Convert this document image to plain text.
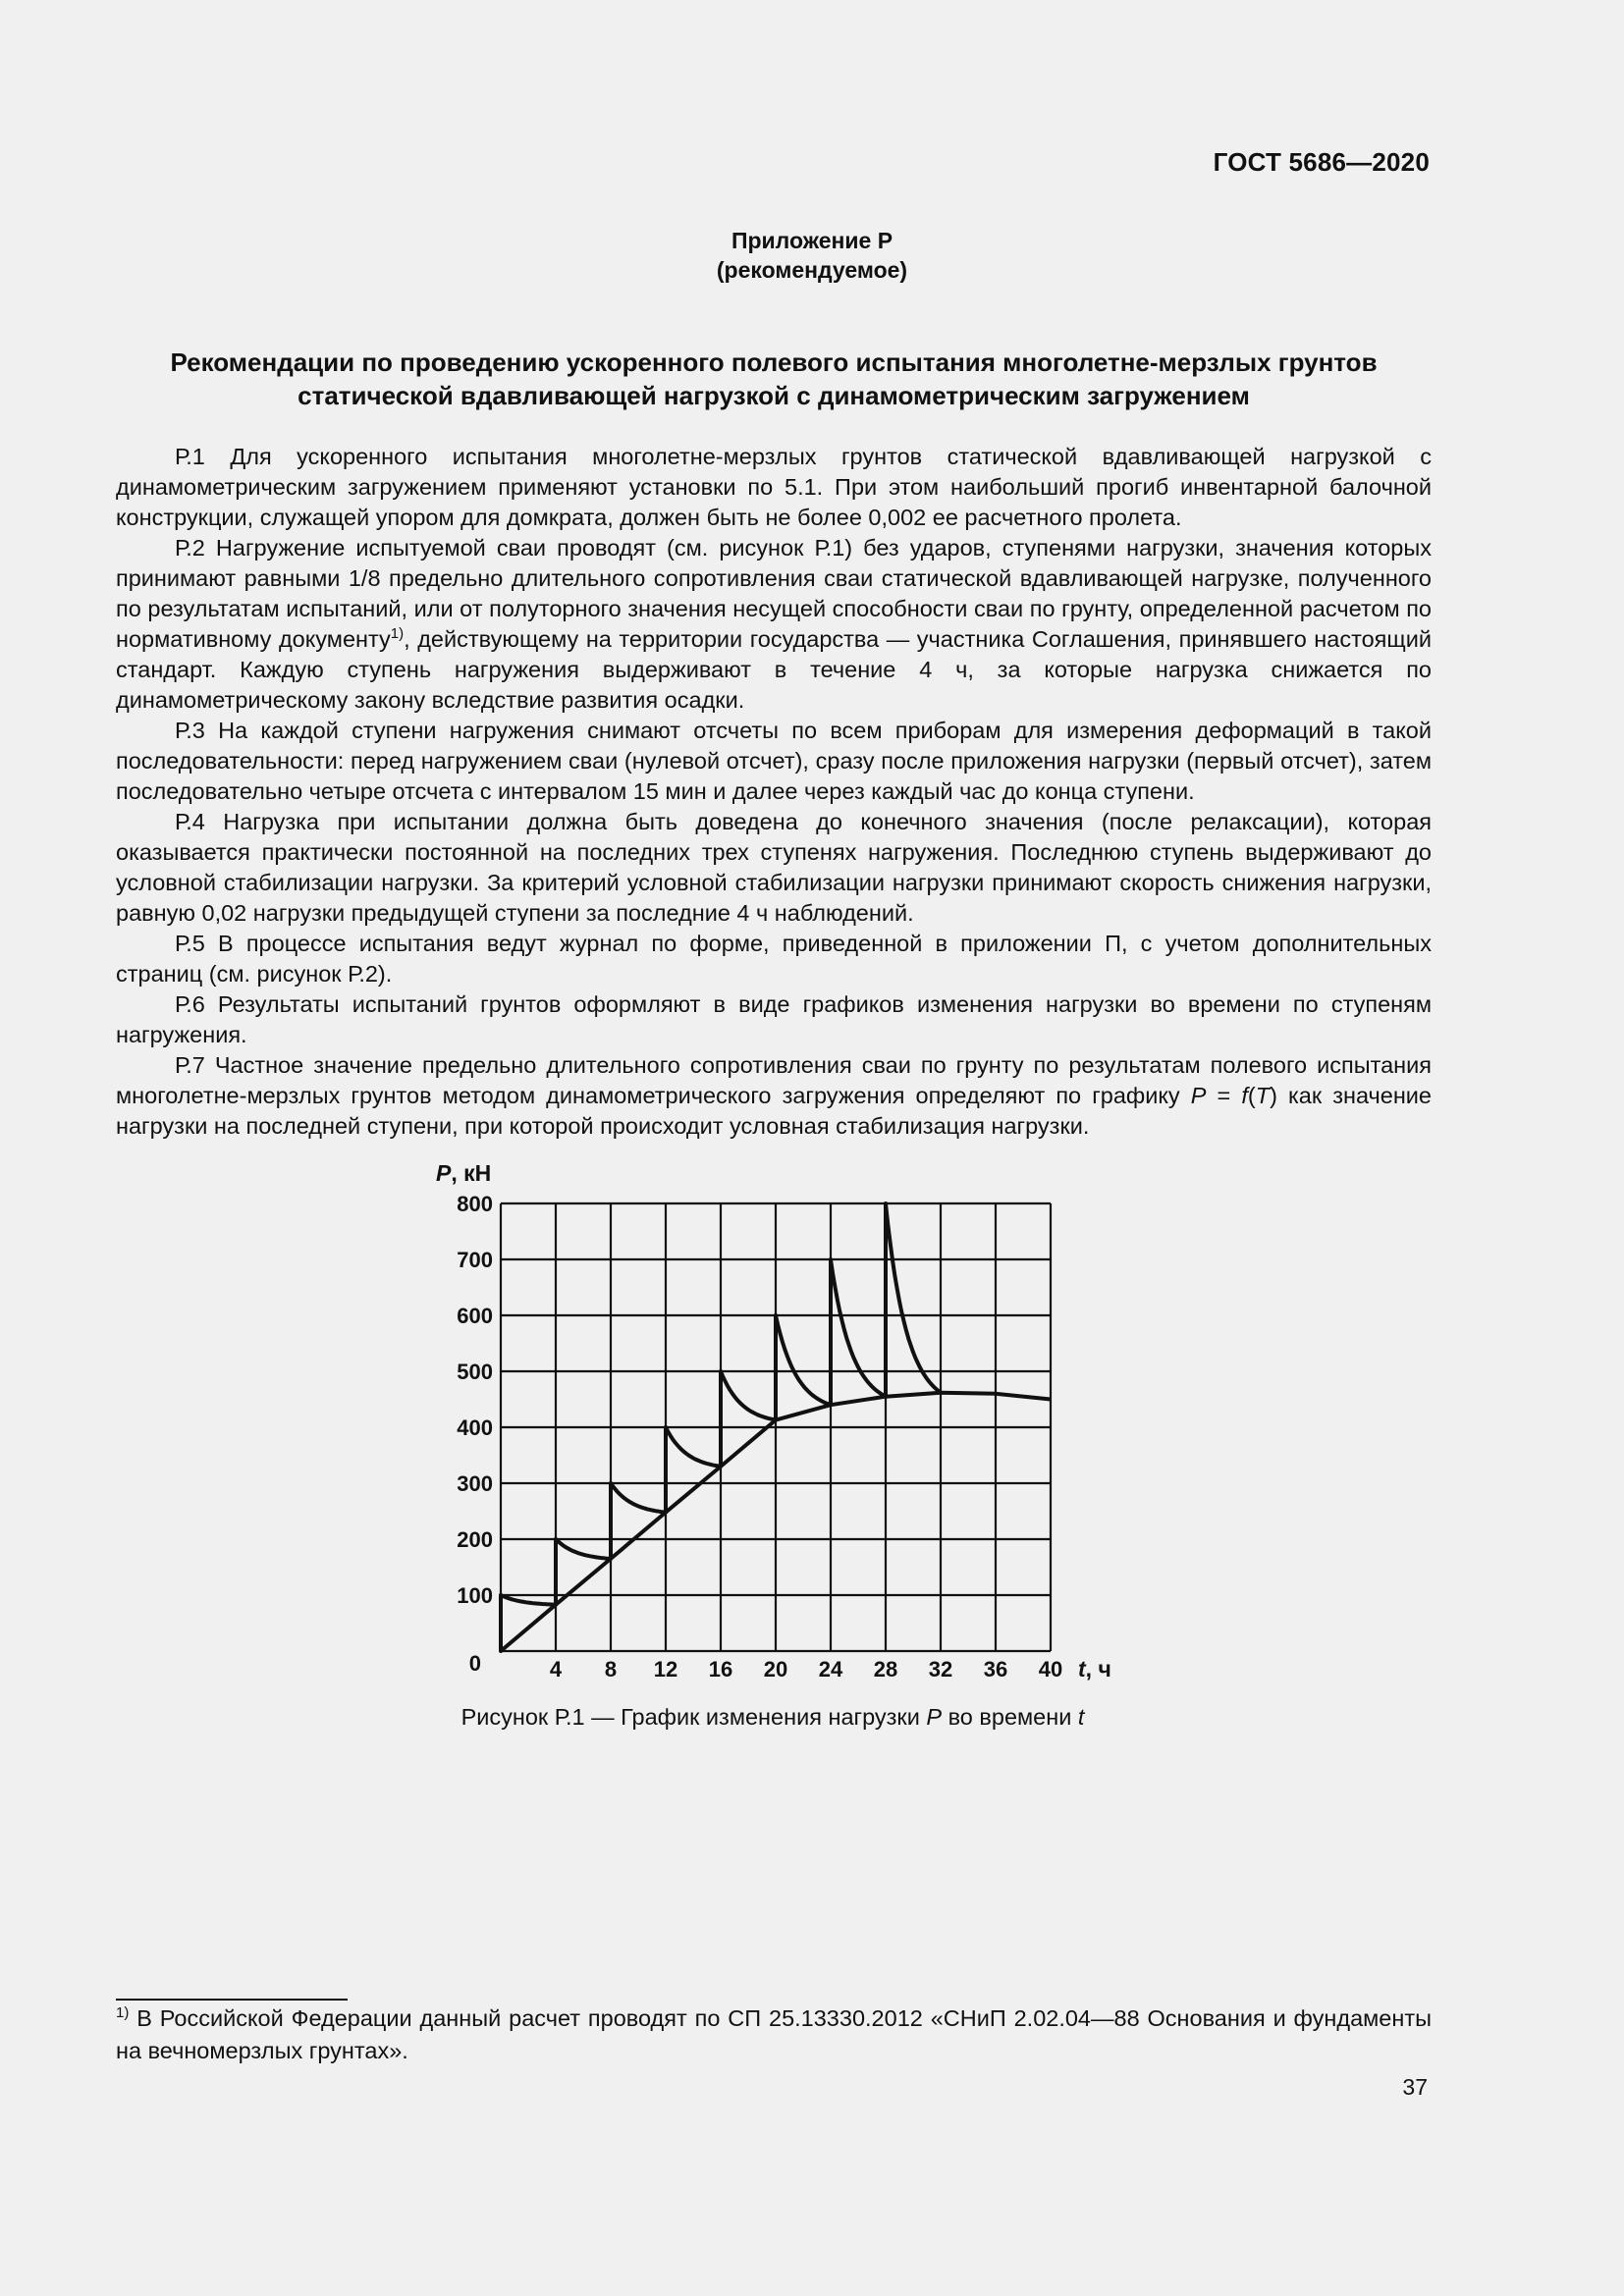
ГОСТ 5686—2020
Приложение Р
(рекомендуемое)
Рекомендации по проведению ускоренного полевого испытания многолетне-мерзлых грунтов
статической вдавливающей нагрузкой с динамометрическим загружением

Р.1 Для ускоренного испытания многолетне-мерзлых грунтов статической вдавливающей нагрузкой с динамометрическим загружением применяют установки по 5.1. При этом наибольший прогиб инвентарной балочной конструкции, служащей упором для домкрата, должен быть не более 0,002 ее расчетного пролета.

Р.2 Нагружение испытуемой сваи проводят (см. рисунок Р.1) без ударов, ступенями нагрузки, значения которых принимают равными 1/8 предельно длительного сопротивления сваи статической вдавливающей нагрузке, полученного по результатам испытаний, или от полуторного значения несущей способности сваи по грунту, определенной расчетом по нормативному документу$^{1)}$, действующему на территории государства — участника Соглашения, принявшего настоящий стандарт. Каждую ступень нагружения выдерживают в течение 4 ч, за которые нагрузка снижается по динамометрическому закону вследствие развития осадки.

Р.3 На каждой ступени нагружения снимают отсчеты по всем приборам для измерения деформаций в такой последовательности: перед нагружением сваи (нулевой отсчет), сразу после приложения нагрузки (первый отсчет), затем последовательно четыре отсчета с интервалом 15 мин и далее через каждый час до конца ступени.

Р.4 Нагрузка при испытании должна быть доведена до конечного значения (после релаксации), которая оказывается практически постоянной на последних трех ступенях нагружения. Последнюю ступень выдерживают до условной стабилизации нагрузки. За критерий условной стабилизации нагрузки принимают скорость снижения нагрузки, равную 0,02 нагрузки предыдущей ступени за последние 4 ч наблюдений.

Р.5 В процессе испытания ведут журнал по форме, приведенной в приложении П, с учетом дополнительных страниц (см. рисунок Р.2).

Р.6 Результаты испытаний грунтов оформляют в виде графиков изменения нагрузки во времени по ступеням нагружения.

Р.7 Частное значение предельно длительного сопротивления сваи по грунту по результатам полевого испытания многолетне-мерзлых грунтов методом динамометрического загружения определяют по графику P = f(T) как значение нагрузки на последней ступени, при которой происходит условная стабилизация нагрузки.

P, кН
t, ч
0
100
200
300
400
500
600
700
800
4 8 12 16 20 24 28 32 36 40
Рисунок Р.1 — График изменения нагрузки P во времени t
$^{1)}$ В Российской Федерации данный расчет проводят по СП 25.13330.2012 «СНиП 2.02.04—88 Основания и фундаменты на вечномерзлых грунтах».
37
